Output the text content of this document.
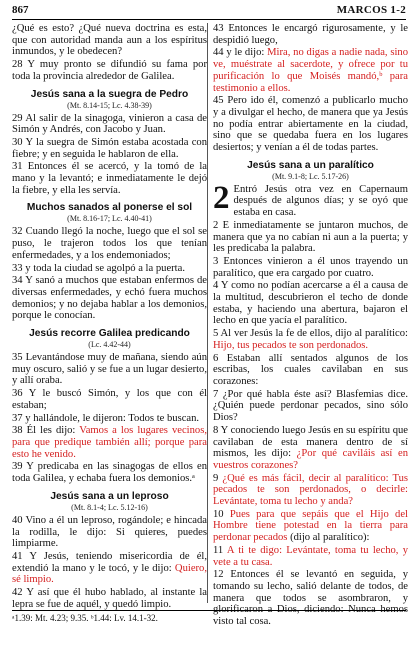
867	MARCOS 1-2
¿Qué es esto? ¿Qué nueva doctrina es esta, que con autoridad manda aun a los espíritus inmundos, y le obedecen?
28 Y muy pronto se difundió su fama por toda la provincia alrededor de Galilea.
Jesús sana a la suegra de Pedro
(Mt. 8.14-15; Lc. 4.38-39)
29 Al salir de la sinagoga, vinieron a casa de Simón y Andrés, con Jacobo y Juan.
30 Y la suegra de Simón estaba acostada con fiebre; y en seguida le hablaron de ella.
31 Entonces él se acercó, y la tomó de la mano y la levantó; e inmediatamente le dejó la fiebre, y ella les servía.
Muchos sanados al ponerse el sol
(Mt. 8.16-17; Lc. 4.40-41)
32 Cuando llegó la noche, luego que el sol se puso, le trajeron todos los que tenían enfermedades, y a los endemoniados;
33 y toda la ciudad se agolpó a la puerta.
34 Y sanó a muchos que estaban enfermos de diversas enfermedades, y echó fuera muchos demonios; y no dejaba hablar a los demonios, porque le conocían.
Jesús recorre Galilea predicando
(Lc. 4.42-44)
35 Levantándose muy de mañana, siendo aún muy oscuro, salió y se fue a un lugar desierto, y allí oraba.
36 Y le buscó Simón, y los que con él estaban;
37 y hallándole, le dijeron: Todos te buscan.
38 Él les dijo: Vamos a los lugares vecinos, para que predique también allí; porque para esto he venido.
39 Y predicaba en las sinagogas de ellos en toda Galilea, y echaba fuera los demonios.ᵃ
Jesús sana a un leproso
(Mt. 8.1-4; Lc. 5.12-16)
40 Vino a él un leproso, rogándole; e hincada la rodilla, le dijo: Si quieres, puedes limpiarme.
41 Y Jesús, teniendo misericordia de él, extendió la mano y le tocó, y le dijo: Quiero, sé limpio.
42 Y así que él hubo hablado, al instante la lepra se fue de aquél, y quedó limpio.
43 Entonces le encargó rigurosamente, y le despidió luego,
44 y le dijo: Mira, no digas a nadie nada, sino ve, muéstrate al sacerdote, y ofrece por tu purificación lo que Moisés mandó,ᵇ para testimonio a ellos.
45 Pero ido él, comenzó a publicarlo mucho y a divulgar el hecho, de manera que ya Jesús no podía entrar abiertamente en la ciudad, sino que se quedaba fuera en los lugares desiertos; y venían a él de todas partes.
Jesús sana a un paralítico
(Mt. 9.1-8; Lc. 5.17-26)
2 Entró Jesús otra vez en Capernaum después de algunos días; y se oyó que estaba en casa.
2 E inmediatamente se juntaron muchos, de manera que ya no cabían ni aun a la puerta; y les predicaba la palabra.
3 Entonces vinieron a él unos trayendo un paralítico, que era cargado por cuatro.
4 Y como no podían acercarse a él a causa de la multitud, descubrieron el techo de donde estaba, y haciendo una abertura, bajaron el lecho en que yacía el paralítico.
5 Al ver Jesús la fe de ellos, dijo al paralítico: Hijo, tus pecados te son perdonados.
6 Estaban allí sentados algunos de los escribas, los cuales cavilaban en sus corazones:
7 ¿Por qué habla éste así? Blasfemias dice. ¿Quién puede perdonar pecados, sino sólo Dios?
8 Y conociendo luego Jesús en su espíritu que cavilaban de esta manera dentro de sí mismos, les dijo: ¿Por qué caviláis así en vuestros corazones?
9 ¿Qué es más fácil, decir al paralítico: Tus pecados te son perdonados, o decirle: Levántate, toma tu lecho y anda?
10 Pues para que sepáis que el Hijo del Hombre tiene potestad en la tierra para perdonar pecados (dijo al paralítico):
11 A ti te digo: Levántate, toma tu lecho, y vete a tu casa.
12 Entonces él se levantó en seguida, y tomando su lecho, salió delante de todos, de manera que todos se asombraron, y glorificaron a Dios, diciendo: Nunca hemos visto tal cosa.
ᵃ1.39: Mt. 4.23; 9.35. ᵇ1.44: Lv. 14.1-32.
